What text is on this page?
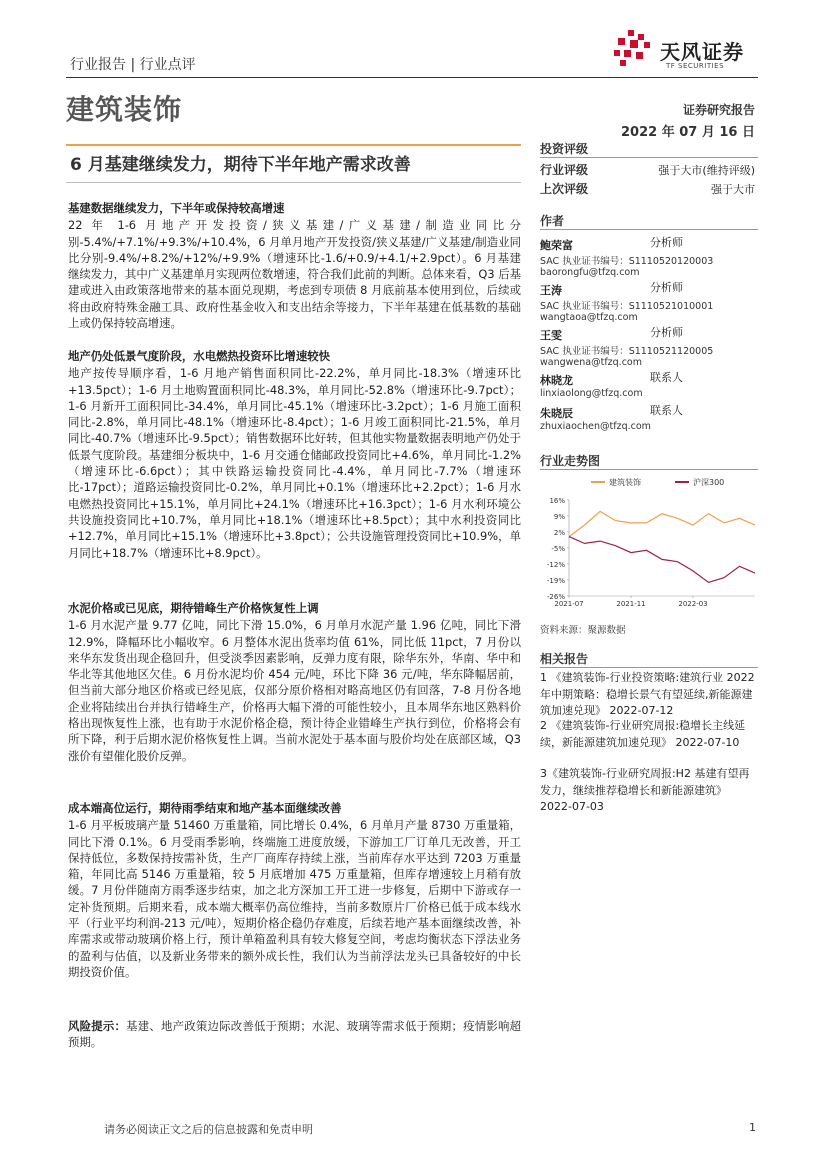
天风证券
TF SECURITIES
行业报告 | 行业点评
建筑装饰	证券研究报告
2022 年 07 月 16 日
6 月基建继续发力，期待下半年地产需求改善
基建数据继续发力，下半年或保持较高增速

22 年 1-6 月地产开发投资/狭义基建/广义基建/制造业同比分别-5.4%/+7.1%/+9.3%/+10.4%，6 月单月地产开发投资/狭义基建/广义基建/制造业同比分别-9.4%/+8.2%/+12%/+9.9%（增速环比-1.6/+0.9/+4.1/+2.9pct）。6 月基建继续发力，其中广义基建单月实现两位数增速，符合我们此前的判断。总体来看，Q3 后基建或进入由政策落地带来的基本面兑现期，考虑到专项债 8 月底前基本使用到位，后续或将由政府特殊金融工具、政府性基金收入和支出结余等接力，下半年基建在低基数的基础上或仍保持较高增速。

地产仍处低景气度阶段，水电燃热投资环比增速较快

地产按传导顺序看，1-6 月地产销售面积同比-22.2%，单月同比-18.3%（增速环比+13.5pct）；1-6 月土地购置面积同比-48.3%，单月同比-52.8%（增速环比-9.7pct）；1-6 月新开工面积同比-34.4%，单月同比-45.1%（增速环比-3.2pct）；1-6 月施工面积同比-2.8%，单月同比-48.1%（增速环比-8.4pct）；1-6 月竣工面积同比-21.5%，单月同比-40.7%（增速环比-9.5pct）；销售数据环比好转，但其他实物量数据表明地产仍处于低景气度阶段。基建细分板块中，1-6 月交通仓储邮政投资同比+4.6%，单月同比-1.2%（增速环比-6.6pct）；其中铁路运输投资同比-4.4%，单月同比-7.7%（增速环比-17pct）；道路运输投资同比-0.2%，单月同比+0.1%（增速环比+2.2pct）；1-6 月水电燃热投资同比+15.1%，单月同比+24.1%（增速环比+16.3pct）；1-6 月水利环境公共设施投资同比+10.7%，单月同比+18.1%（增速环比+8.5pct）；其中水利投资同比+12.7%，单月同比+15.1%（增速环比+3.8pct）；公共设施管理投资同比+10.9%，单月同比+18.7%（增速环比+8.9pct）。

水泥价格或已见底，期待错峰生产价格恢复性上调

1-6 月水泥产量 9.77 亿吨，同比下滑 15.0%，6 月单月水泥产量 1.96 亿吨，同比下滑 12.9%，降幅环比小幅收窄。6 月整体水泥出货率均值 61%，同比低 11pct，7 月份以来华东发货出现企稳回升，但受淡季因素影响，反弹力度有限，除华东外，华南、华中和华北等其他地区欠佳。6 月份水泥均价 454 元/吨，环比下降 36 元/吨，华东降幅居前，但当前大部分地区价格或已经见底，仅部分原价格相对略高地区仍有回落，7-8 月份各地企业将陆续出台并执行错峰生产，价格再大幅下滑的可能性较小，且本周华东地区熟料价格出现恢复性上涨，也有助于水泥价格企稳，预计待企业错峰生产执行到位，价格将会有所下降，利于后期水泥价格恢复性上调。当前水泥处于基本面与股价均处在底部区域，Q3 涨价有望催化股价反弹。

成本端高位运行，期待雨季结束和地产基本面继续改善

1-6 月平板玻璃产量 51460 万重量箱，同比增长 0.4%，6 月单月产量 8730 万重量箱，同比下滑 0.1%。6 月受雨季影响，终端施工进度放缓，下游加工厂订单几无改善，开工保持低位，多数保持按需补货，生产厂商库存持续上涨，当前库存水平达到 7203 万重量箱，年同比高 5146 万重量箱，较 5 月底增加 475 万重量箱，但库存增速较上月稍有放缓。7 月份伴随南方雨季逐步结束，加之北方深加工开工进一步修复，后期中下游或存一定补货预期。后期来看，成本端大概率仍高位维持，当前多数原片厂价格已低于成本线水平（行业平均利润-213 元/吨），短期价格企稳仍存难度，后续若地产基本面继续改善，补库需求或带动玻璃价格上行，预计单箱盈利具有较大修复空间，考虑均衡状态下浮法业务的盈利与估值，以及新业务带来的额外成长性，我们认为当前浮法龙头已具备较好的中长期投资价值。

风险提示：基建、地产政策边际改善低于预期；水泥、玻璃等需求低于预期；疫情影响超预期。
投资评级
行业评级	强于大市(维持评级)
上次评级	强于大市
作者
鲍荣富	分析师
SAC 执业证书编号：S1110520120003
baorongfu@tfzq.com
王涛	分析师
SAC 执业证书编号：S1110521010001
wangtaoa@tfzq.com
王雯	分析师
SAC 执业证书编号：S1110521120005
wangwena@tfzq.com
林晓龙	联系人
linxiaolong@tfzq.com
朱晓辰	联系人
zhuxiaochen@tfzq.com
行业走势图
16%
9%
2%
-5%
-12%
-19%
-26%
2021-07	2021-11	2022-03
建筑装饰	沪深300
资料来源：聚源数据
相关报告
1 《建筑装饰-行业投资策略:建筑行业 2022 年中期策略：稳增长景气有望延续,新能源建筑加速兑现》 2022-07-12
2 《建筑装饰-行业研究周报:稳增长主线延续，新能源建筑加速兑现》 2022-07-10
3《建筑装饰-行业研究周报:H2 基建有望再发力，继续推荐稳增长和新能源建筑》 2022-07-03
请务必阅读正文之后的信息披露和免责申明	1
